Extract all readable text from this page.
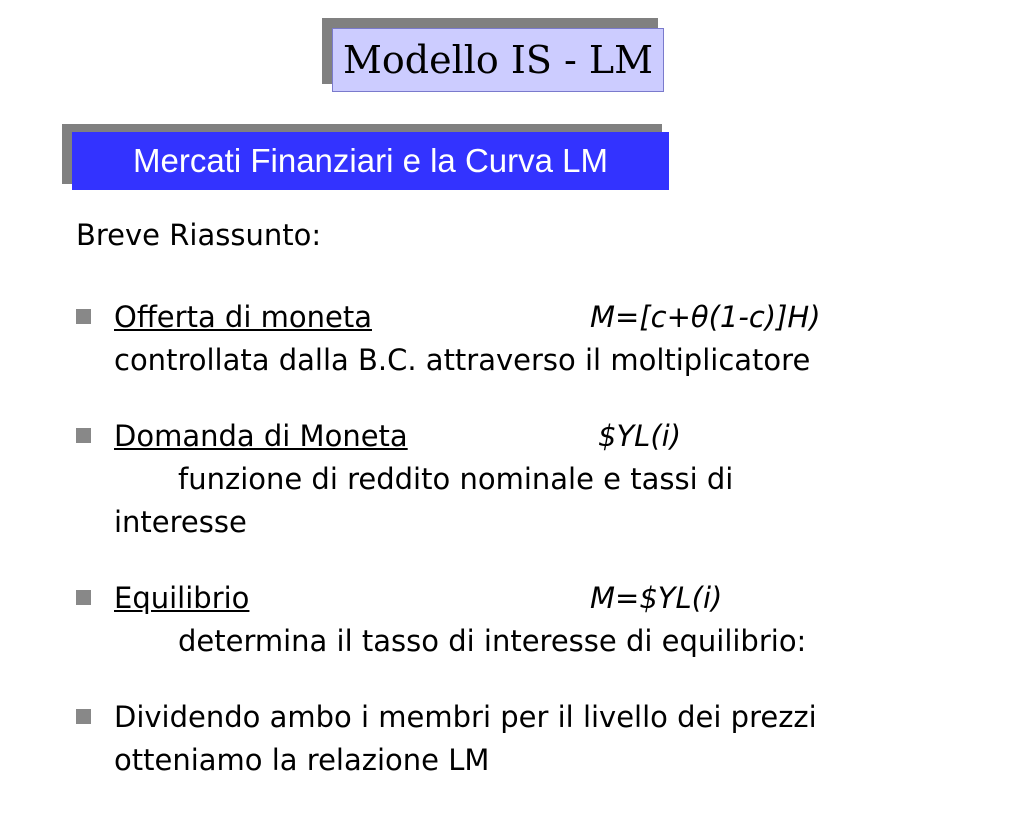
Modello IS - LM
Mercati Finanziari e la Curva LM
Breve Riassunto:
Offerta di moneta	M=[c+θ(1-c)]H)
controllata dalla B.C. attraverso il moltiplicatore
Domanda di Moneta	$YL(i)
funzione di reddito nominale e tassi di
interesse
Equilibrio	M=$YL(i)
determina il tasso di interesse di equilibrio:
Dividendo ambo i membri per il livello dei prezzi
otteniamo la relazione LM
